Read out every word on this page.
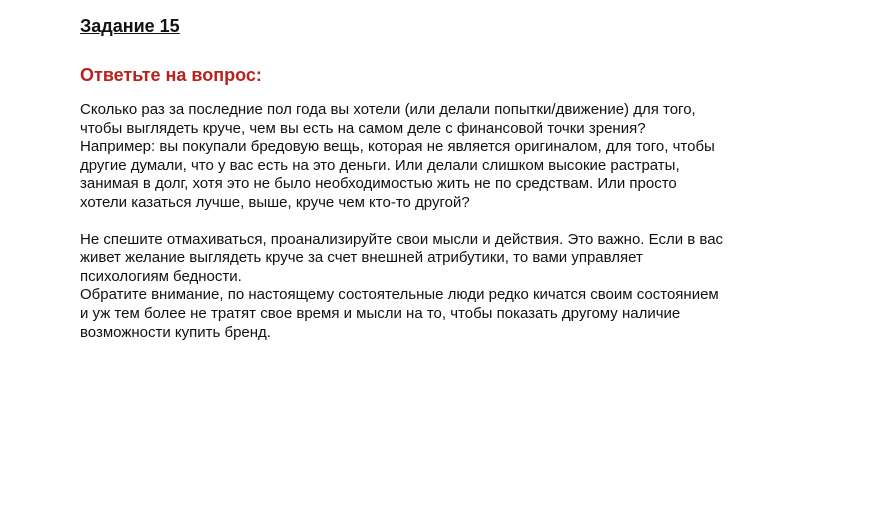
Задание 15
Ответьте на вопрос:

Сколько раз за последние пол года вы хотели (или делали попытки/движение) для того,
чтобы выглядеть круче, чем вы есть на самом деле с финансовой точки зрения?
Например: вы покупали бредовую вещь, которая не является оригиналом, для того, чтобы
другие думали, что у вас есть на это деньги. Или делали слишком высокие растраты,
занимая в долг, хотя это не было необходимостью жить не по средствам. Или просто
хотели казаться лучше, выше, круче чем кто-то другой?

Не спешите отмахиваться, проанализируйте свои мысли и действия. Это важно. Если в вас
живет желание выглядеть круче за счет внешней атрибутики, то вами управляет
психологиям бедности.
Обратите внимание, по настоящему состоятельные люди редко кичатся своим состоянием
и уж тем более не тратят свое время и мысли на то, чтобы показать другому наличие
возможности купить бренд.
